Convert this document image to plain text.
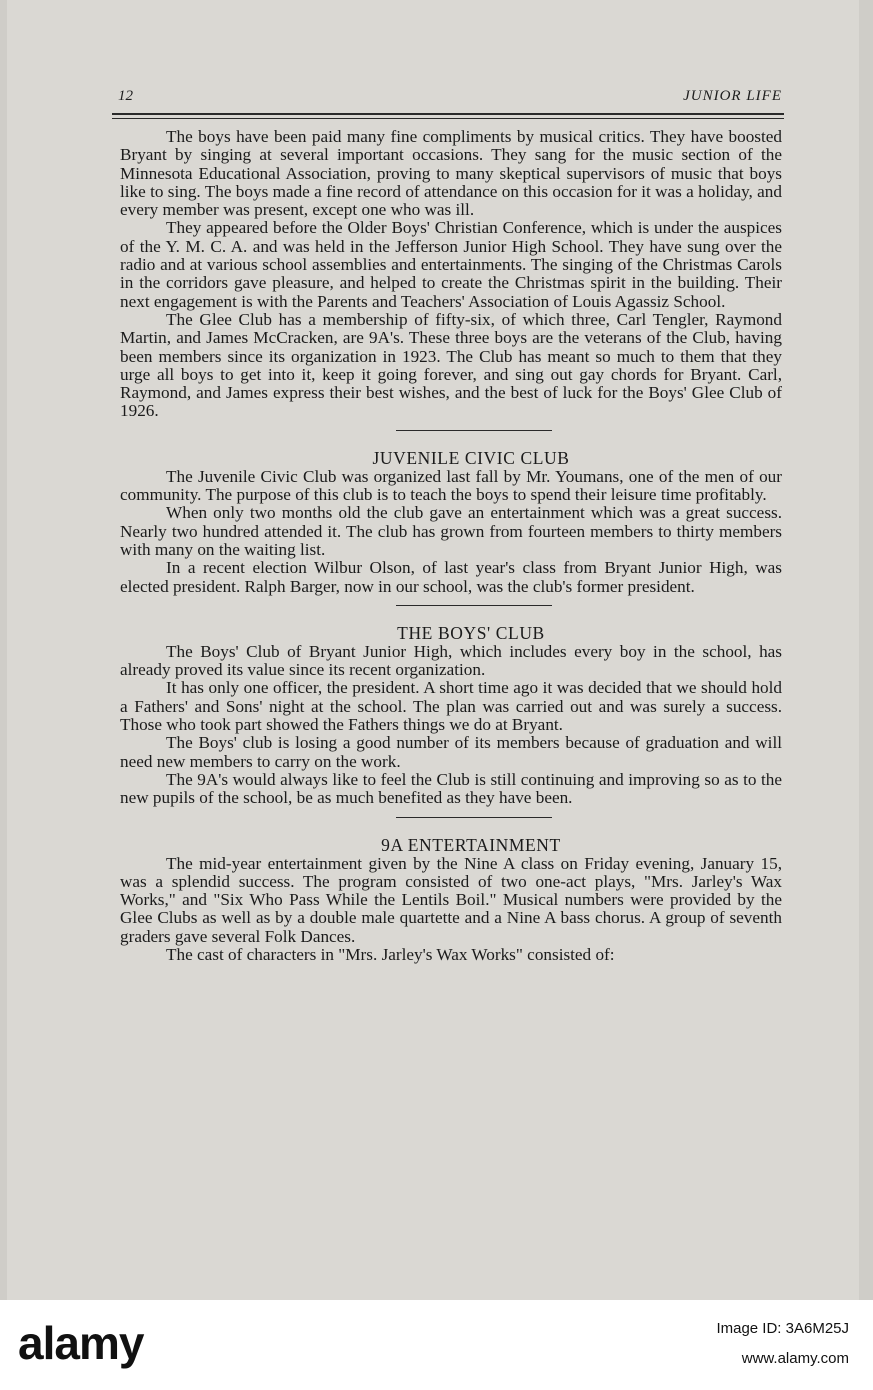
12	JUNIOR LIFE

The boys have been paid many fine compliments by musical critics. They have boosted Bryant by singing at several important occasions. They sang for the music section of the Minnesota Educational Association, proving to many skeptical supervisors of music that boys like to sing. The boys made a fine record of attendance on this occasion for it was a holiday, and every member was present, except one who was ill.

They appeared before the Older Boys' Christian Conference, which is under the auspices of the Y. M. C. A. and was held in the Jefferson Junior High School. They have sung over the radio and at various school assemblies and entertainments. The singing of the Christmas Carols in the corridors gave pleasure, and helped to create the Christmas spirit in the building. Their next engagement is with the Parents and Teachers' Association of Louis Agassiz School.

The Glee Club has a membership of fifty-six, of which three, Carl Tengler, Raymond Martin, and James McCracken, are 9A's. These three boys are the veterans of the Club, having been members since its organization in 1923. The Club has meant so much to them that they urge all boys to get into it, keep it going forever, and sing out gay chords for Bryant. Carl, Raymond, and James express their best wishes, and the best of luck for the Boys' Glee Club of 1926.

JUVENILE CIVIC CLUB

The Juvenile Civic Club was organized last fall by Mr. Youmans, one of the men of our community. The purpose of this club is to teach the boys to spend their leisure time profitably.

When only two months old the club gave an entertainment which was a great success. Nearly two hundred attended it. The club has grown from fourteen members to thirty members with many on the waiting list.

In a recent election Wilbur Olson, of last year's class from Bryant Junior High, was elected president. Ralph Barger, now in our school, was the club's former president.

THE BOYS' CLUB

The Boys' Club of Bryant Junior High, which includes every boy in the school, has already proved its value since its recent organization.

It has only one officer, the president. A short time ago it was decided that we should hold a Fathers' and Sons' night at the school. The plan was carried out and was surely a success. Those who took part showed the Fathers things we do at Bryant.

The Boys' club is losing a good number of its members because of graduation and will need new members to carry on the work.

The 9A's would always like to feel the Club is still continuing and improving so as to the new pupils of the school, be as much benefited as they have been.

9A ENTERTAINMENT

The mid-year entertainment given by the Nine A class on Friday evening, January 15, was a splendid success. The program consisted of two one-act plays, "Mrs. Jarley's Wax Works," and "Six Who Pass While the Lentils Boil." Musical numbers were provided by the Glee Clubs as well as by a double male quartette and a Nine A bass chorus. A group of seventh graders gave several Folk Dances.

The cast of characters in "Mrs. Jarley's Wax Works" consisted of:

alamy	Image ID: 3A6M25J
www.alamy.com
